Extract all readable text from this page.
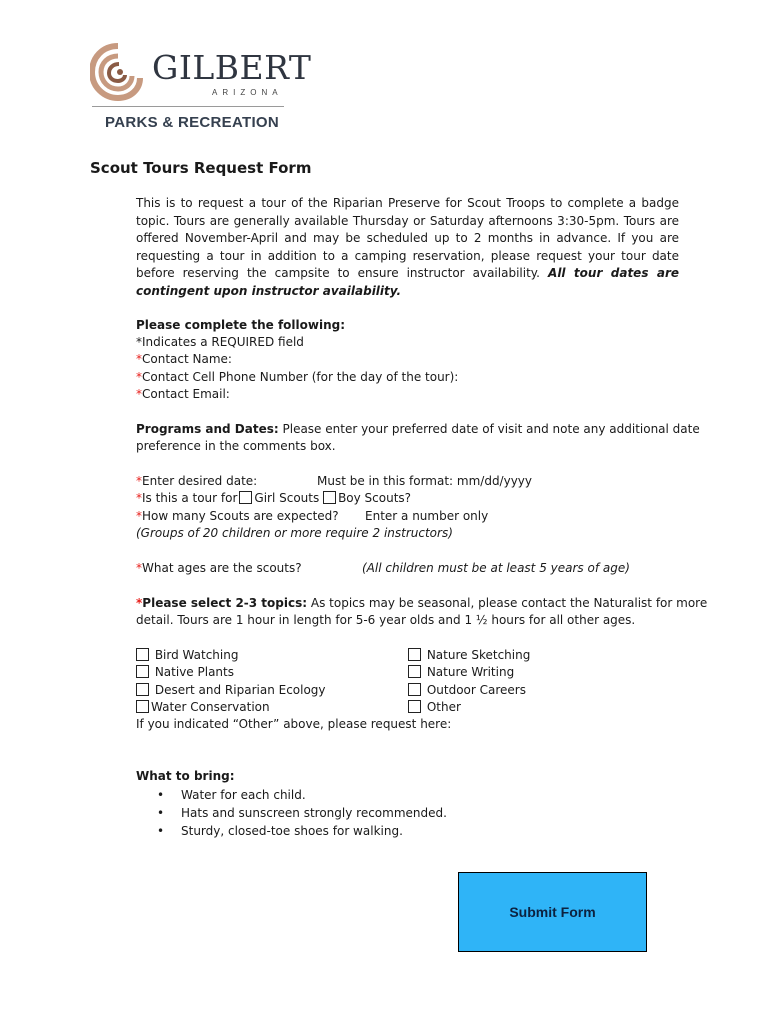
GILBERT
ARIZONA
PARKS & RECREATION
Scout Tours Request Form
This is to request a tour of the Riparian Preserve for Scout Troops to complete a badge topic. Tours are generally available Thursday or Saturday afternoons 3:30-5pm. Tours are offered November-April and may be scheduled up to 2 months in advance. If you are requesting a tour in addition to a camping reservation, please request your tour date before reserving the campsite to ensure instructor availability. All tour dates are contingent upon instructor availability.
Please complete the following:
*Indicates a REQUIRED field
*Contact Name:
*Contact Cell Phone Number (for the day of the tour):
*Contact Email:
Programs and Dates: Please enter your preferred date of visit and note any additional date
preference in the comments box.
*Enter desired date:	Must be in this format: mm/dd/yyyy
*Is this a tour for Girl Scouts Boy Scouts?
*How many Scouts are expected? Enter a number only
(Groups of 20 children or more require 2 instructors)
*What ages are the scouts?	(All children must be at least 5 years of age)
*Please select 2-3 topics: As topics may be seasonal, please contact the Naturalist for more
detail. Tours are 1 hour in length for 5-6 year olds and 1 ½ hours for all other ages.
Bird Watching
Native Plants
Desert and Riparian Ecology
Water Conservation
Nature Sketching
Nature Writing
Outdoor Careers
Other
If you indicated “Other” above, please request here:
What to bring:
• Water for each child.
• Hats and sunscreen strongly recommended.
• Sturdy, closed-toe shoes for walking.
Submit Form
